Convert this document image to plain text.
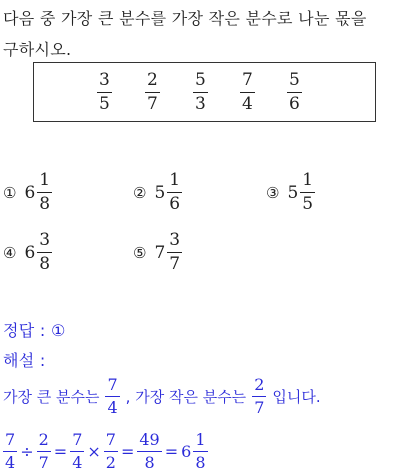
다음 중 가장 큰 분수를 가장 작은 분수로 나눈 몫을
구하시오.
3
5
2
7
5
3
7
4
5
6
① $6 \frac{1}{8}$	② $5 \frac{1}{6}$	③ $5 \frac{1}{5}$
④ $6 \frac{3}{8}$	⑤ $7 \frac{3}{7}$
정답 : ①
해설 :
가장 큰 분수는 $\frac{7}{4}$ , 가장 작은 분수는 $\frac{2}{7}$ 입니다.
$\frac{7}{4} \div \frac{2}{7} = \frac{7}{4} \times \frac{7}{2} = \frac{49}{8} = 6 \frac{1}{8}$
